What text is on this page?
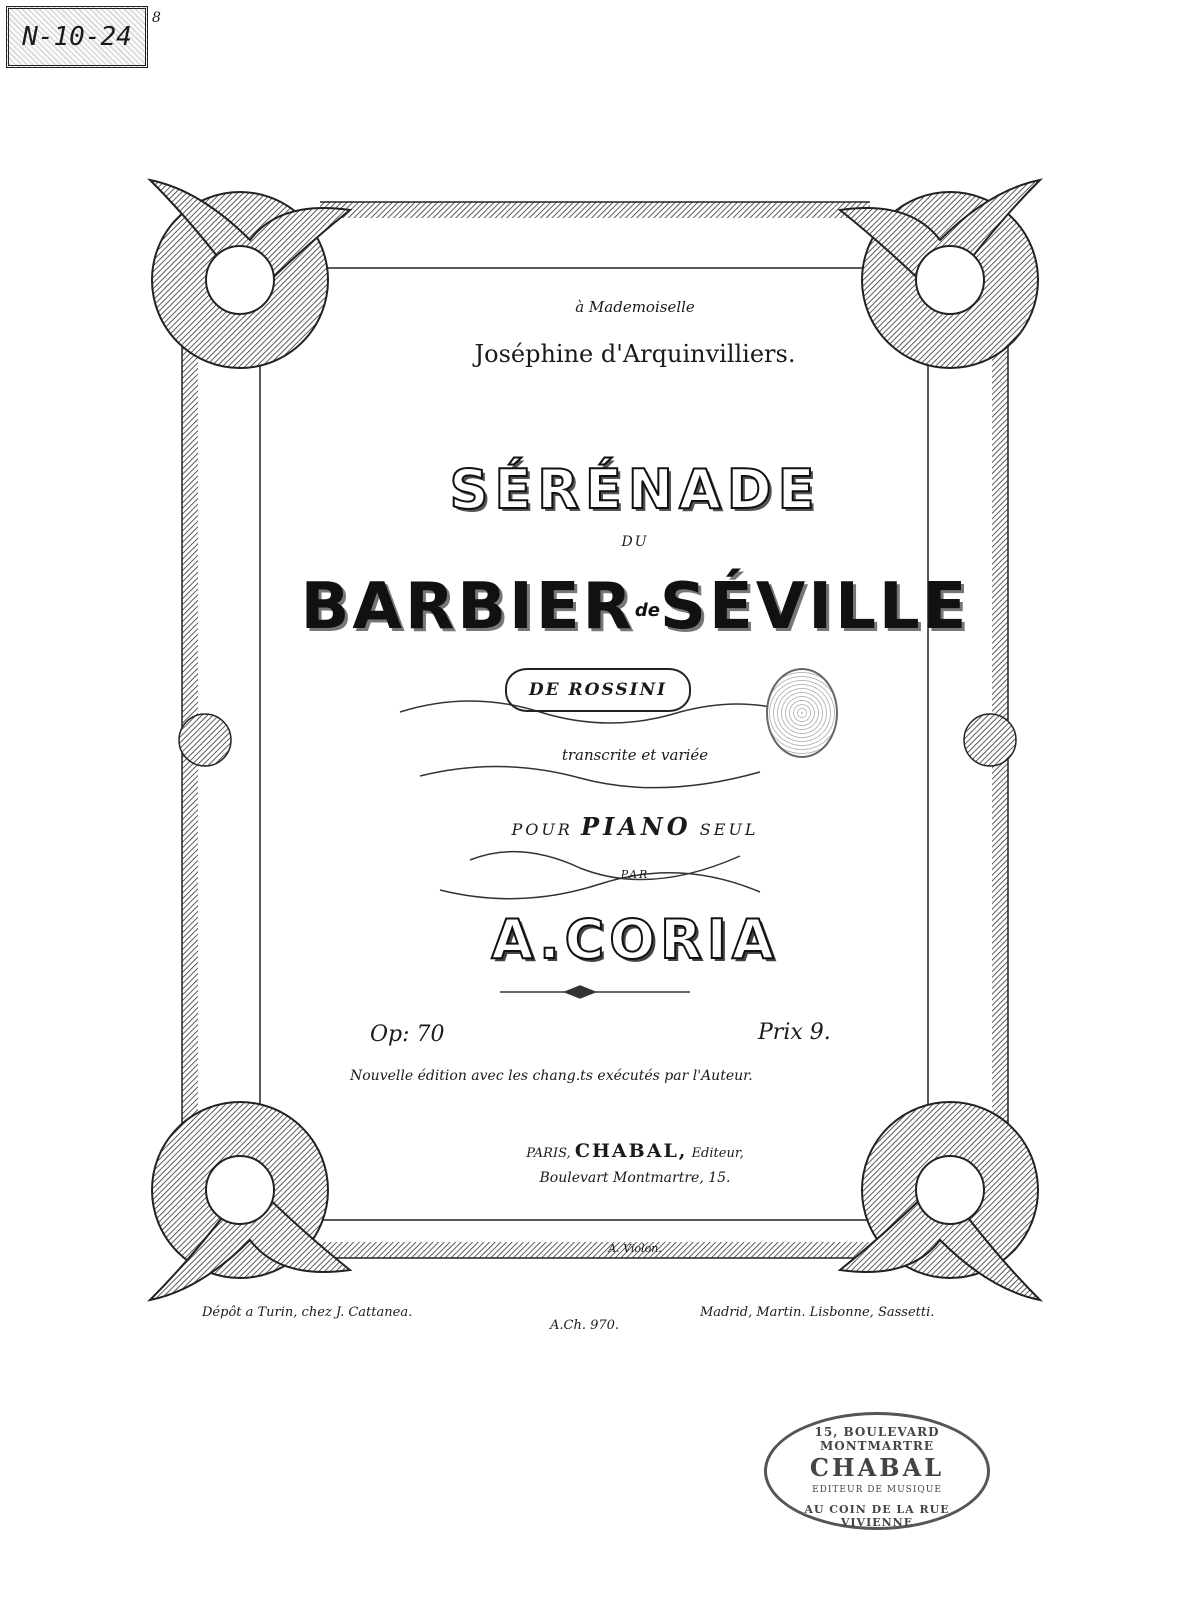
N-10-24
8
à Mademoiselle
Joséphine d'Arquinvilliers.
SÉRÉNADE
DU
BARBIERdeSÉVILLE
DE ROSSINI
transcrite et variée
POUR PIANO SEUL
PAR
A.CORIA
Op: 70	Prix 9.
Nouvelle édition avec les chang.ts exécutés par l'Auteur.
PARIS, CHABAL, Editeur,
Boulevart Montmartre, 15.
A. Violon.
Dépôt a Turin, chez J. Cattanea.
A.Ch. 970.
Madrid, Martin. Lisbonne, Sassetti.
15, BOULEVARD MONTMARTRE
CHABAL
EDITEUR DE MUSIQUE
AU COIN DE LA RUE VIVIENNE
